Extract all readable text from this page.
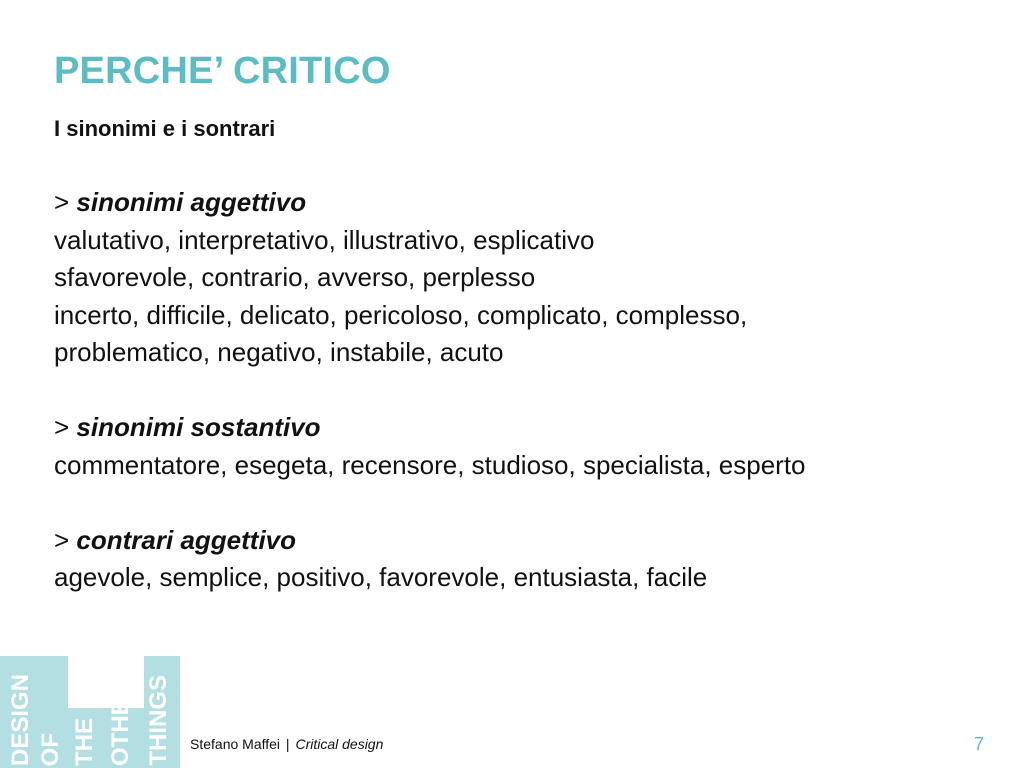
PERCHE’ CRITICO
I sinonimi e i sontrari
> sinonimi aggettivo
valutativo, interpretativo, illustrativo, esplicativo
sfavorevole, contrario, avverso, perplesso
incerto, difficile, delicato, pericoloso, complicato, complesso,
problematico, negativo, instabile, acuto
> sinonimi sostantivo
commentatore, esegeta, recensore, studioso, specialista, esperto
> contrari aggettivo
agevole, semplice, positivo, favorevole, entusiasta, facile
DESIGN OF THE OTHER THINGS Stefano Maffei | Critical design	7
